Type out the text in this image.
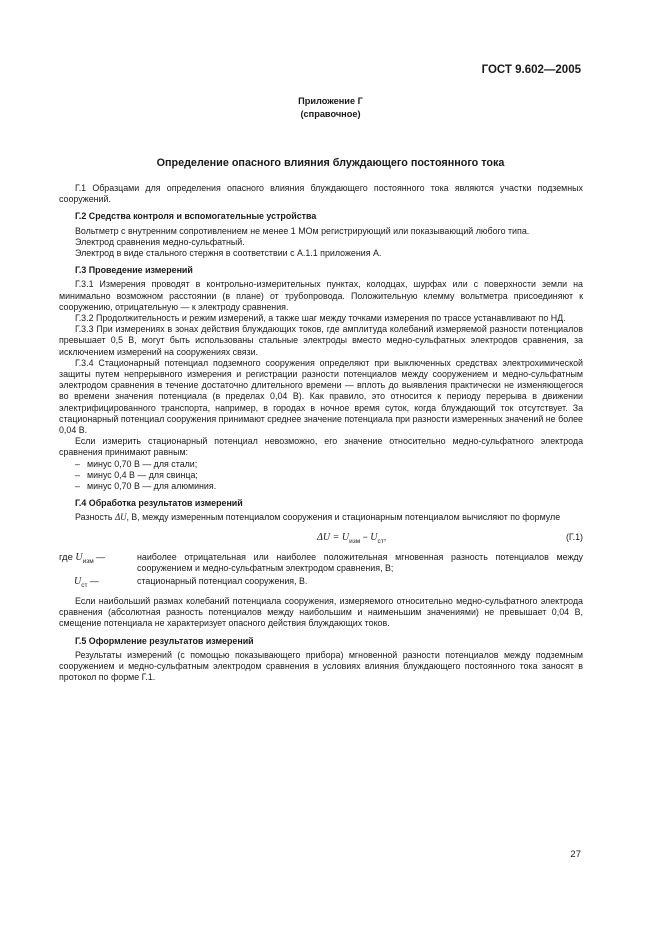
ГОСТ 9.602—2005
Приложение Г
(справочное)
Определение опасного влияния блуждающего постоянного тока

Г.1 Образцами для определения опасного влияния блуждающего постоянного тока являются участки подземных сооружений.

Г.2 Средства контроля и вспомогательные устройства

Вольтметр с внутренним сопротивлением не менее 1 МОм регистрирующий или показывающий любого типа.

Электрод сравнения медно-сульфатный.

Электрод в виде стального стержня в соответствии с А.1.1 приложения А.

Г.3 Проведение измерений

Г.3.1 Измерения проводят в контрольно-измерительных пунктах, колодцах, шурфах или с поверхности земли на минимально возможном расстоянии (в плане) от трубопровода. Положительную клемму вольтметра присоединяют к сооружению, отрицательную — к электроду сравнения.

Г.3.2 Продолжительность и режим измерений, а также шаг между точками измерения по трассе устанавливают по НД.

Г.3.3 При измерениях в зонах действия блуждающих токов, где амплитуда колебаний измеряемой разности потенциалов превышает 0,5 В, могут быть использованы стальные электроды вместо медно-сульфатных электродов сравнения, за исключением измерений на сооружениях связи.

Г.3.4 Стационарный потенциал подземного сооружения определяют при выключенных средствах электрохимической защиты путем непрерывного измерения и регистрации разности потенциалов между сооружением и медно-сульфатным электродом сравнения в течение достаточно длительного времени — вплоть до выявления практически не изменяющегося во времени значения потенциала (в пределах 0,04 В). Как правило, это относится к периоду перерыва в движении электрифицированного транспорта, например, в городах в ночное время суток, когда блуждающий ток отсутствует. За стационарный потенциал сооружения принимают среднее значение потенциала при разности измеренных значений не более 0,04 В.

Если измерить стационарный потенциал невозможно, его значение относительно медно-сульфатного электрода сравнения принимают равным:

– минус 0,70 В — для стали;
– минус 0,4 В — для свинца;
– минус 0,70 В — для алюминия.
Г.4 Обработка результатов измерений

Разность ΔU, В, между измеренным потенциалом сооружения и стационарным потенциалом вычисляют по формуле

$\Delta U = U_{изм} - U_{ст}$,	(Г.1)
где $U_{изм}$ —	наиболее отрицательная или наиболее положительная мгновенная разность потенциалов между сооружением и медно-сульфатным электродом сравнения, В;
$U_{ст}$ —	стационарный потенциал сооружения, В.

Если наибольший размах колебаний потенциала сооружения, измеряемого относительно медно-сульфатного электрода сравнения (абсолютная разность потенциалов между наибольшим и наименьшим значениями) не превышает 0,04 В, смещение потенциала не характеризует опасного действия блуждающих токов.

Г.5 Оформление результатов измерений

Результаты измерений (с помощью показывающего прибора) мгновенной разности потенциалов между подземным сооружением и медно-сульфатным электродом сравнения в условиях влияния блуждающего постоянного тока заносят в протокол по форме Г.1.

27
